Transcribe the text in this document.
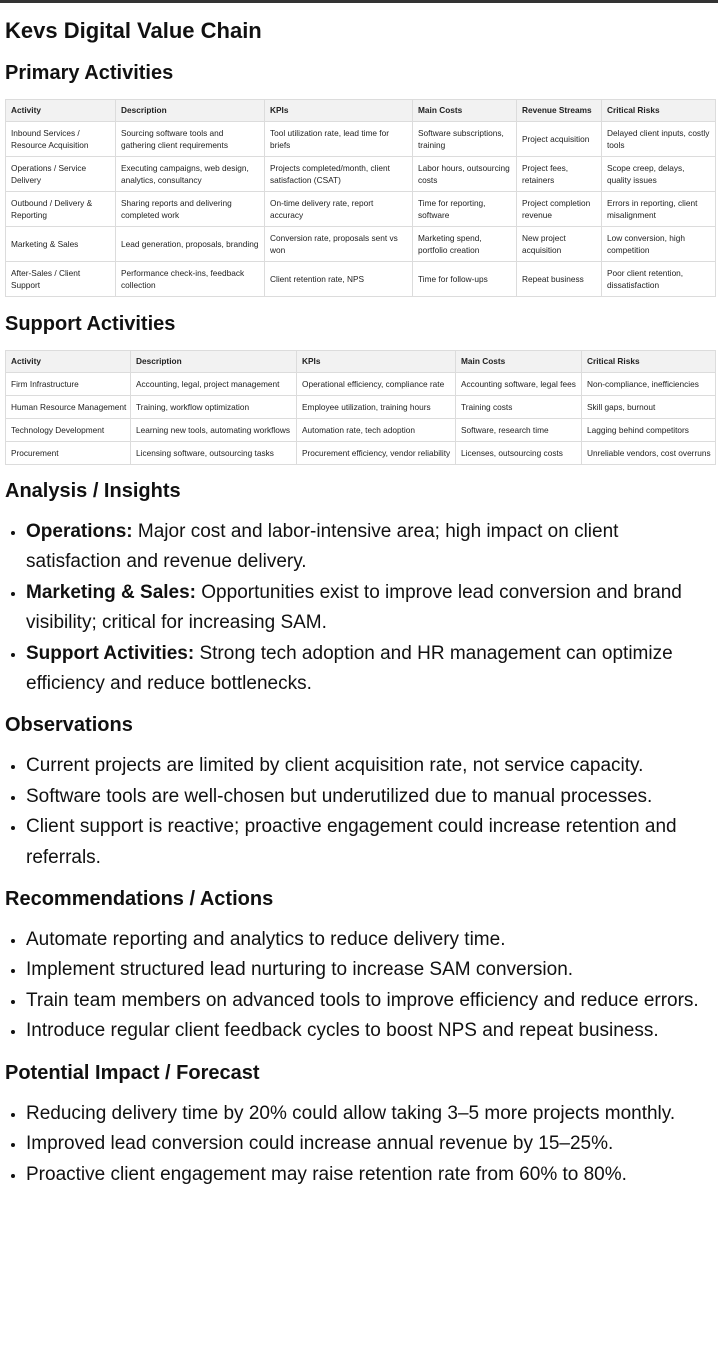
Kevs Digital Value Chain
Primary Activities
Activity	Description	KPIs	Main Costs	Revenue Streams	Critical Risks
Inbound Services / Resource Acquisition	Sourcing software tools and gathering client requirements	Tool utilization rate, lead time for briefs	Software subscriptions, training	Project acquisition	Delayed client inputs, costly tools
Operations / Service Delivery	Executing campaigns, web design, analytics, consultancy	Projects completed/month, client satisfaction (CSAT)	Labor hours, outsourcing costs	Project fees, retainers	Scope creep, delays, quality issues
Outbound / Delivery & Reporting	Sharing reports and delivering completed work	On-time delivery rate, report accuracy	Time for reporting, software	Project completion revenue	Errors in reporting, client misalignment
Marketing & Sales	Lead generation, proposals, branding	Conversion rate, proposals sent vs won	Marketing spend, portfolio creation	New project acquisition	Low conversion, high competition
After-Sales / Client Support	Performance check-ins, feedback collection	Client retention rate, NPS	Time for follow-ups	Repeat business	Poor client retention, dissatisfaction
Support Activities
Activity	Description	KPIs	Main Costs	Critical Risks
Firm Infrastructure	Accounting, legal, project management	Operational efficiency, compliance rate	Accounting software, legal fees	Non-compliance, inefficiencies
Human Resource Management	Training, workflow optimization	Employee utilization, training hours	Training costs	Skill gaps, burnout
Technology Development	Learning new tools, automating workflows	Automation rate, tech adoption	Software, research time	Lagging behind competitors
Procurement	Licensing software, outsourcing tasks	Procurement efficiency, vendor reliability	Licenses, outsourcing costs	Unreliable vendors, cost overruns
Analysis / Insights
• Operations: Major cost and labor-intensive area; high impact on client satisfaction and revenue delivery.
• Marketing & Sales: Opportunities exist to improve lead conversion and brand visibility; critical for increasing SAM.
• Support Activities: Strong tech adoption and HR management can optimize efficiency and reduce bottlenecks.
Observations
• Current projects are limited by client acquisition rate, not service capacity.
• Software tools are well-chosen but underutilized due to manual processes.
• Client support is reactive; proactive engagement could increase retention and referrals.
Recommendations / Actions
• Automate reporting and analytics to reduce delivery time.
• Implement structured lead nurturing to increase SAM conversion.
• Train team members on advanced tools to improve efficiency and reduce errors.
• Introduce regular client feedback cycles to boost NPS and repeat business.
Potential Impact / Forecast
• Reducing delivery time by 20% could allow taking 3–5 more projects monthly.
• Improved lead conversion could increase annual revenue by 15–25%.
• Proactive client engagement may raise retention rate from 60% to 80%.
